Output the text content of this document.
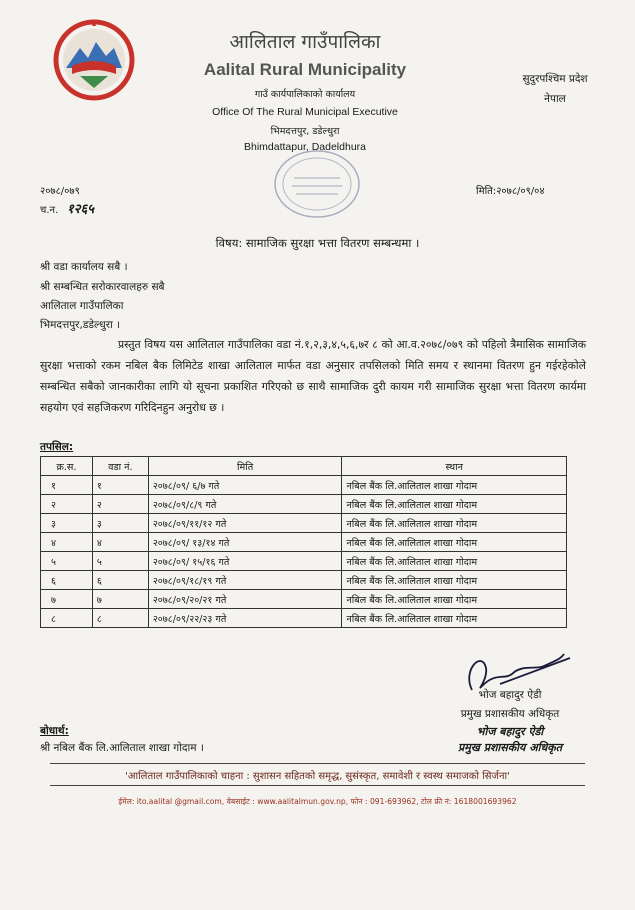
आलिताल गाउँपालिका
Aalital Rural Municipality
गाउँ कार्यपालिकाको कार्यालय
Office Of The Rural Municipal Executive
भिमदत्तपुर, डडेल्धुरा
Bhimdattapur, Dadeldhura
सुदुरपश्चिम प्रदेश
नेपाल
२०७८/०७९
च.न. १२६५
मिति:२०७८/०९/०४
विषय: सामाजिक सुरक्षा भत्ता वितरण सम्बन्धमा ।
श्री वडा कार्यालय सबै ।
श्री सम्बन्धित सरोकारवालहरु सबै
आलिताल गाउँपालिका
भिमदत्तपुर,डडेल्धुरा ।

प्रस्तुत विषय यस आलिताल गाउँपालिका वडा नं.१,२,३,४,५,६,७र ८ को आ.व.२०७८/०७९ को पहिलो त्रैमासिक सामाजिक सुरक्षा भत्ताको रकम नबिल बैक लिमिटेड शाखा आलिताल मार्फत वडा अनुसार तपसिलको मिति समय र स्थानमा वितरण हुन गईरहेकोले सम्बन्धित सबैको जानकारीका लागि यो सूचना प्रकाशित गरिएको छ साथै सामाजिक दुरी कायम गरी सामाजिक सुरक्षा भत्ता वितरण कार्यमा सहयोग एवं सहजिकरण गरिदिनहुन अनुरोध छ ।

तपसिल:
क्र.स.	वडा नं.	मिति	स्थान
१	१	२०७८/०९/ ६/७ गते	नबिल बैंक लि.आलिताल शाखा गोदाम
२	२	२०७८/०९/८/९ गते	नबिल बैंक लि.आलिताल शाखा गोदाम
३	३	२०७८/०९/११/१२ गते	नबिल बैंक लि.आलिताल शाखा गोदाम
४	४	२०७८/०९/ १३/१४ गते	नबिल बैंक लि.आलिताल शाखा गोदाम
५	५	२०७८/०९/ १५/१६ गते	नबिल बैंक लि.आलिताल शाखा गोदाम
६	६	२०७८/०९/१८/१९ गते	नबिल बैंक लि.आलिताल शाखा गोदाम
७	७	२०७८/०९/२०/२१ गते	नबिल बैंक लि.आलिताल शाखा गोदाम
८	८	२०७८/०९/२२/२३ गते	नबिल बैंक लि.आलिताल शाखा गोदाम
भोज बहादुर ऐडी
प्रमुख प्रशासकीय अधिकृत
भोज बहादुर ऐडी
प्रमुख प्रशासकीय अधिकृत
बोधार्थ:
श्री नबिल बैंक लि.आलिताल शाखा गोदाम ।
'आलिताल गाउँपालिकाको चाहना : सुशासन सहितको समृद्ध, सुसंस्कृत, समावेशी र स्वस्थ समाजको सिर्जना'
ईमेल: ito.aalital @gmail.com, वेबसाईट : www.aalitalmun.gov.np, फोन : 091-693962, टोल फ्री नं: 1618001693962
